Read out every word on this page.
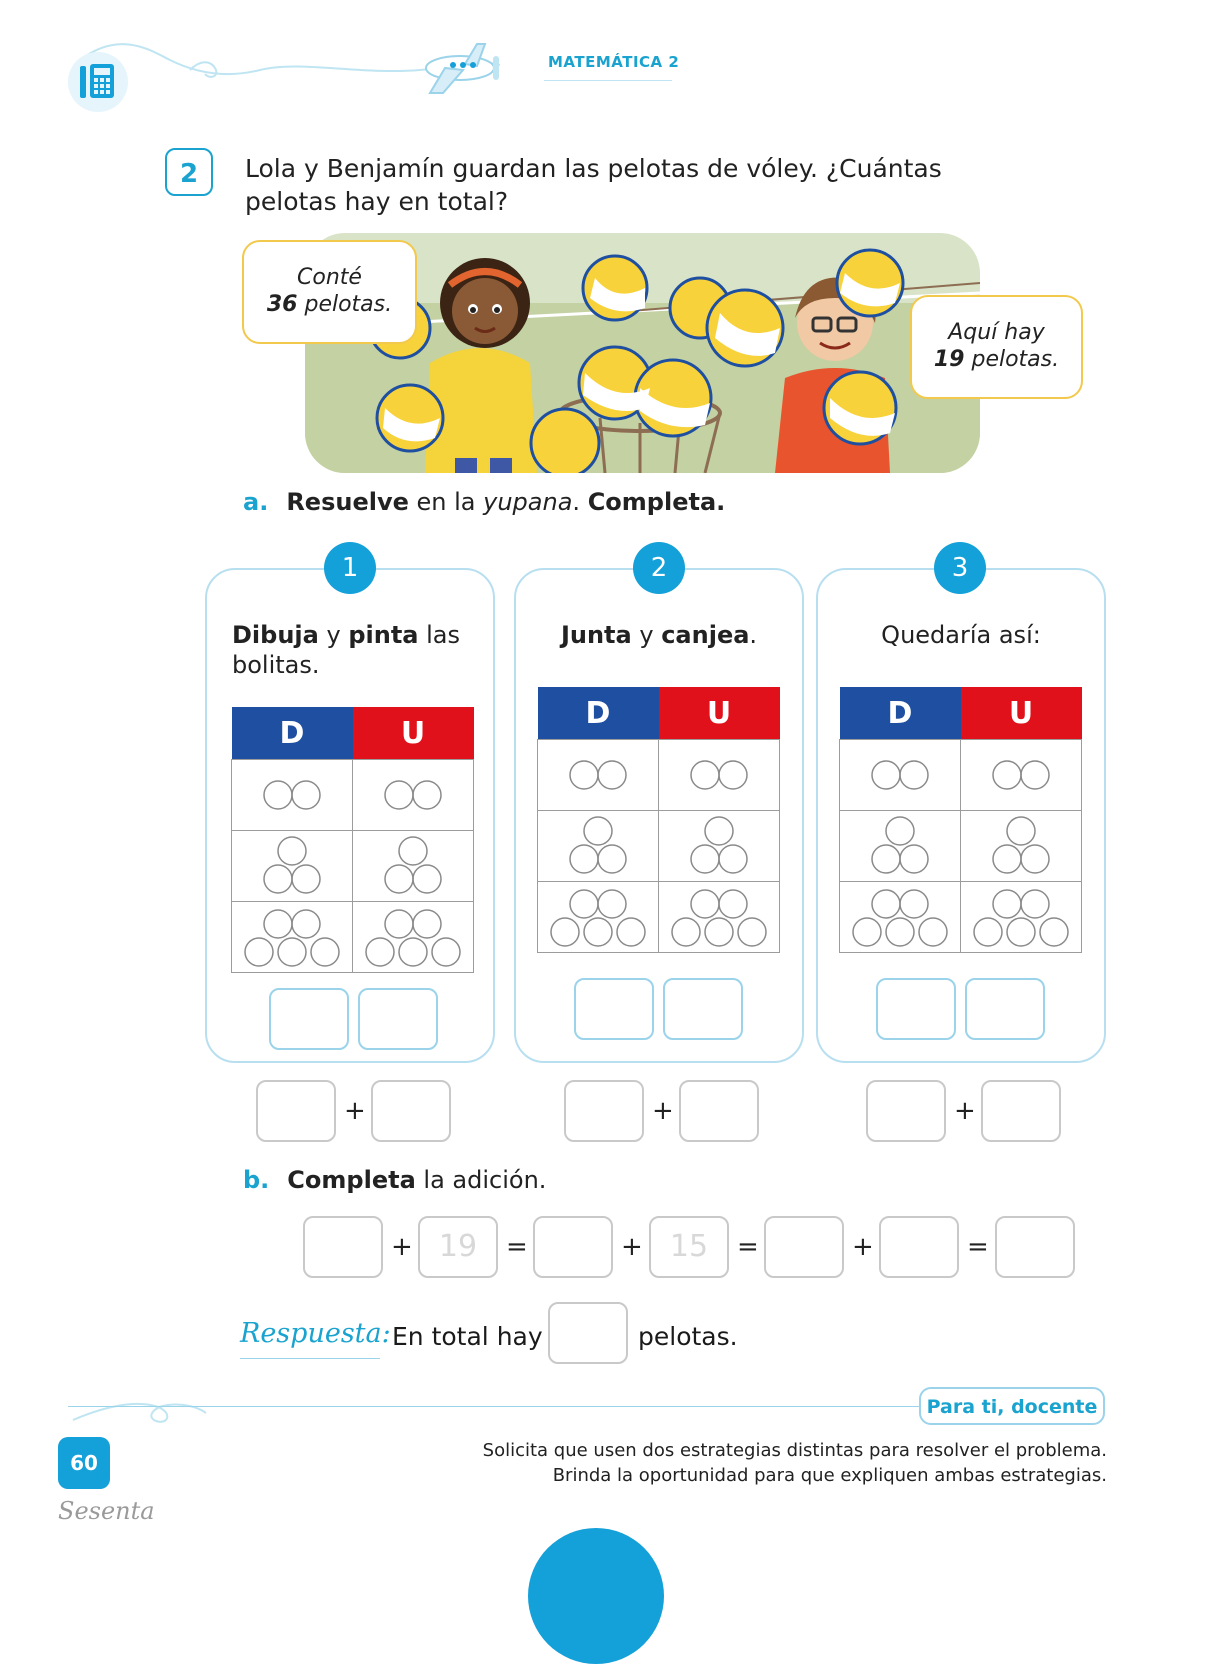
MATEMÁTICA 2
2	Lola y Benjamín guardan las pelotas de vóley. ¿Cuántas pelotas hay en total?
Conté
36 pelotas.
Aquí hay
19 pelotas.
a. Resuelve en la yupana. Completa.
1
Dibuja y pinta las bolitas.
D	U

2
Junta y canjea.
D	U

3
Quedaría así:
D	U

+	+	+
b. Completa la adición.
+ 19	=	+ 15	=	+	=
Respuesta: En total hay	pelotas.
Para ti, docente
Solicita que usen dos estrategias distintas para resolver el problema.
Brinda la oportunidad para que expliquen ambas estrategias.
60
Sesenta
